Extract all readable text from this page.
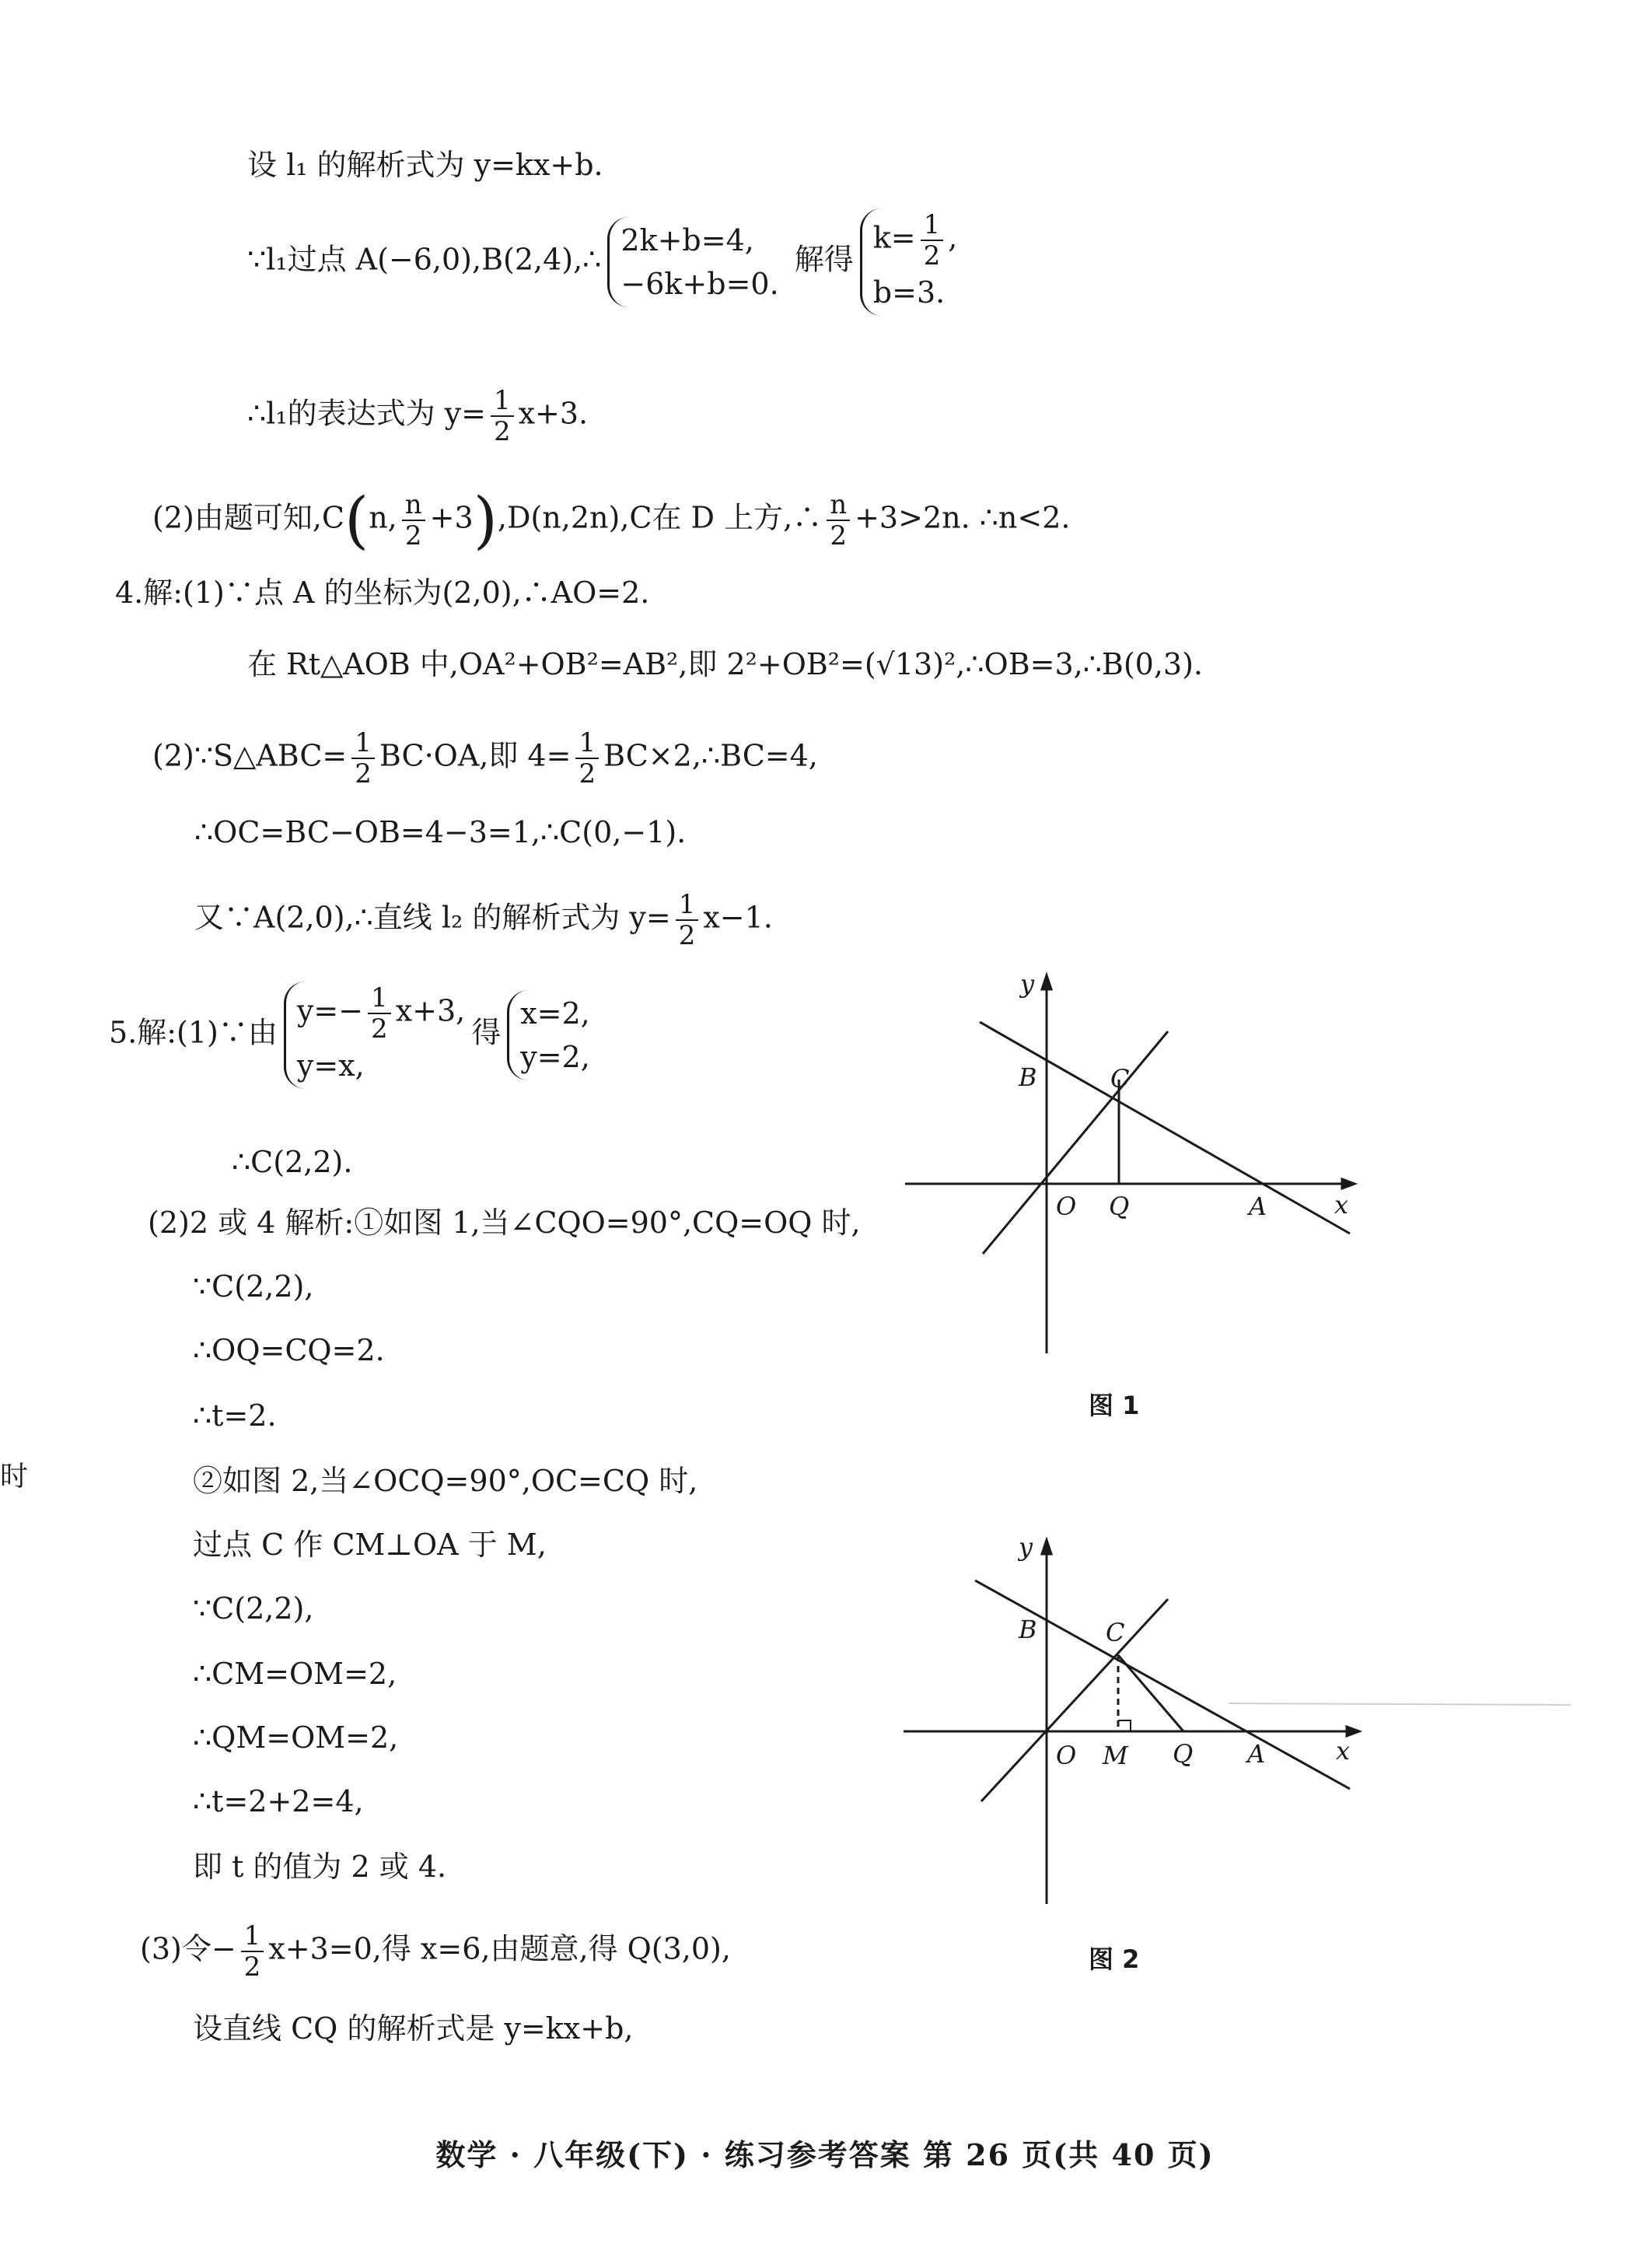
设 l₁ 的解析式为 y=kx+b.
∵l₁过点 A(−6,0),B(2,4),∴
2k+b=4,
−6k+b=0.
解得
$k= \frac{1}{2}$ ,
b=3.
∴l₁的表达式为 $y= \frac{1}{2} x+3$.
(2)由题可知,C(n, $\frac{n}{2} +3),D(n,2n),C$在 D 上方,∴ $\frac{n}{2} +3>2n$. ∴n<2.
4.解:(1)∵点 A 的坐标为(2,0),∴AO=2.
在 Rt△AOB 中,OA²+OB²=AB²,即 2²+OB²=(√13)²,∴OB=3,∴B(0,3).
(2)∵S△ABC= $\frac{1}{2} BC\cdot OA$,即 $4= \frac{1}{2}$ BC×2,∴BC=4,
∴OC=BC−OB=4−3=1,∴C(0,−1).
又∵A(2,0),∴直线 l₂ 的解析式为 $y= \frac{1}{2} x-1$.
5.解:(1)∵由
$y=- \frac{1}{2} x+3$,
y=x,
得
x=2,
y=2,
∴C(2,2).
(2)2 或 4 解析:①如图 1,当∠CQO=90°,CQ=OQ 时,
∵C(2,2),
∴OQ=CQ=2.
∴t=2.
②如图 2,当∠OCQ=90°,OC=CQ 时,
过点 C 作 CM⊥OA 于 M,
∵C(2,2),
∴CM=OM=2,
∴QM=OM=2,
∴t=2+2=4,
即 t 的值为 2 或 4.
(3)令− $\frac{1}{2} x+3=0$,得 x=6,由题意,得 Q(3,0),
设直线 CQ 的解析式是 y=kx+b,
时
y
B	C
O Q	A	x
图 1
y
B	C
O M Q A	x
图 2
数学 · 八年级(下) · 练习参考答案 第 26 页(共 40 页)
